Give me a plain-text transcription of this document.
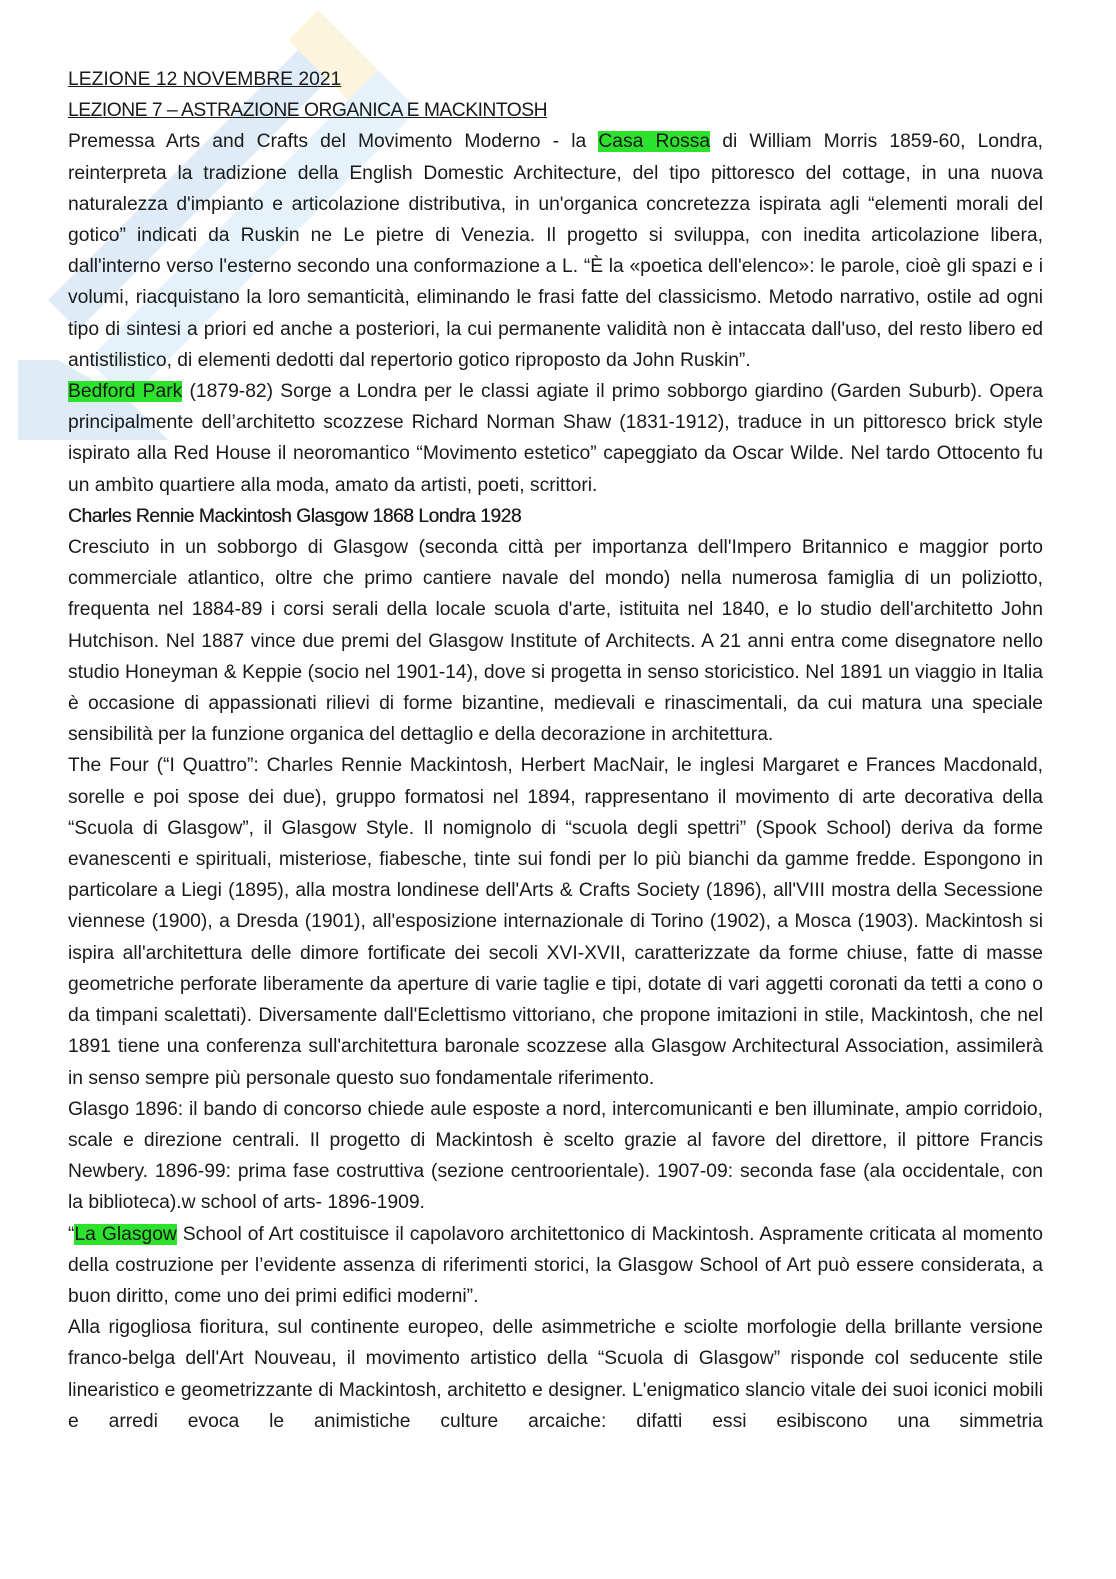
LEZIONE 12 NOVEMBRE 2021

LEZIONE 7 – ASTRAZIONE ORGANICA E MACKINTOSH

Premessa Arts and Crafts del Movimento Moderno - la Casa Rossa di William Morris 1859-60, Londra, reinterpreta la tradizione della English Domestic Architecture, del tipo pittoresco del cottage, in una nuova naturalezza d'impianto e articolazione distributiva, in un'organica concretezza ispirata agli “elementi morali del gotico” indicati da Ruskin ne Le pietre di Venezia. Il progetto si sviluppa, con inedita articolazione libera, dall'interno verso l'esterno secondo una conformazione a L. “È la «poetica dell'elenco»: le parole, cioè gli spazi e i volumi, riacquistano la loro semanticità, eliminando le frasi fatte del classicismo. Metodo narrativo, ostile ad ogni tipo di sintesi a priori ed anche a posteriori, la cui permanente validità non è intaccata dall'uso, del resto libero ed antistilistico, di elementi dedotti dal repertorio gotico riproposto da John Ruskin”.

Bedford Park (1879-82) Sorge a Londra per le classi agiate il primo sobborgo giardino (Garden Suburb). Opera principalmente dell’architetto scozzese Richard Norman Shaw (1831-1912), traduce in un pittoresco brick style ispirato alla Red House il neoromantico “Movimento estetico” capeggiato da Oscar Wilde. Nel tardo Ottocento fu un ambìto quartiere alla moda, amato da artisti, poeti, scrittori.

Charles Rennie Mackintosh Glasgow 1868 Londra 1928

Cresciuto in un sobborgo di Glasgow (seconda città per importanza dell'Impero Britannico e maggior porto commerciale atlantico, oltre che primo cantiere navale del mondo) nella numerosa famiglia di un poliziotto, frequenta nel 1884-89 i corsi serali della locale scuola d'arte, istituita nel 1840, e lo studio dell'architetto John Hutchison. Nel 1887 vince due premi del Glasgow Institute of Architects. A 21 anni entra come disegnatore nello studio Honeyman & Keppie (socio nel 1901-14), dove si progetta in senso storicistico. Nel 1891 un viaggio in Italia è occasione di appassionati rilievi di forme bizantine, medievali e rinascimentali, da cui matura una speciale sensibilità per la funzione organica del dettaglio e della decorazione in architettura.

The Four (“I Quattro”: Charles Rennie Mackintosh, Herbert MacNair, le inglesi Margaret e Frances Macdonald, sorelle e poi spose dei due), gruppo formatosi nel 1894, rappresentano il movimento di arte decorativa della “Scuola di Glasgow”, il Glasgow Style. Il nomignolo di “scuola degli spettri” (Spook School) deriva da forme evanescenti e spirituali, misteriose, fiabesche, tinte sui fondi per lo più bianchi da gamme fredde. Espongono in particolare a Liegi (1895), alla mostra londinese dell'Arts & Crafts Society (1896), all'VIII mostra della Secessione viennese (1900), a Dresda (1901), all'esposizione internazionale di Torino (1902), a Mosca (1903). Mackintosh si ispira all'architettura delle dimore fortificate dei secoli XVI-XVII, caratterizzate da forme chiuse, fatte di masse geometriche perforate liberamente da aperture di varie taglie e tipi, dotate di vari aggetti coronati da tetti a cono o da timpani scalettati). Diversamente dall'Eclettismo vittoriano, che propone imitazioni in stile, Mackintosh, che nel 1891 tiene una conferenza sull'architettura baronale scozzese alla Glasgow Architectural Association, assimilerà in senso sempre più personale questo suo fondamentale riferimento.

Glasgo 1896: il bando di concorso chiede aule esposte a nord, intercomunicanti e ben illuminate, ampio corridoio, scale e direzione centrali. Il progetto di Mackintosh è scelto grazie al favore del direttore, il pittore Francis Newbery. 1896-99: prima fase costruttiva (sezione centroorientale). 1907-09: seconda fase (ala occidentale, con la biblioteca).w school of arts- 1896-1909.

“La Glasgow School of Art costituisce il capolavoro architettonico di Mackintosh. Aspramente criticata al momento della costruzione per l’evidente assenza di riferimenti storici, la Glasgow School of Art può essere considerata, a buon diritto, come uno dei primi edifici moderni”.

Alla rigogliosa fioritura, sul continente europeo, delle asimmetriche e sciolte morfologie della brillante versione franco-belga dell'Art Nouveau, il movimento artistico della “Scuola di Glasgow” risponde col seducente stile linearistico e geometrizzante di Mackintosh, architetto e designer. L'enigmatico slancio vitale dei suoi iconici mobili e arredi evoca le animistiche culture arcaiche: difatti essi esibiscono una simmetria
